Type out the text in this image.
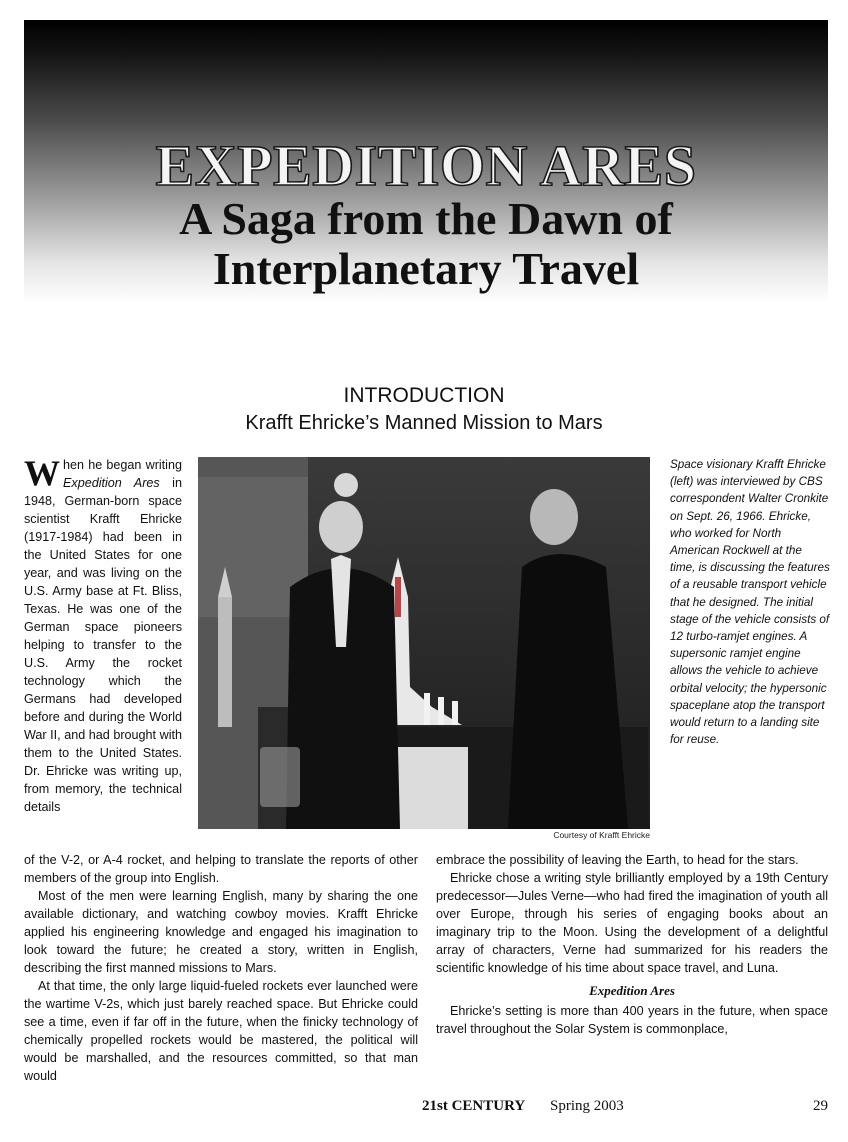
EXPEDITION ARES
A Saga from the Dawn of
Interplanetary Travel
INTRODUCTION
Krafft Ehricke’s Manned Mission to Mars
When he began writing Expedition Ares in 1948, German-born space scientist Krafft Ehricke (1917-1984) had been in the United States for one year, and was living on the U.S. Army base at Ft. Bliss, Texas. He was one of the German space pioneers helping to transfer to the U.S. Army the rocket technology which the Germans had developed before and during the World War II, and had brought with them to the United States. Dr. Ehricke was writing up, from memory, the technical details
Courtesy of Krafft Ehricke
Space visionary Krafft Ehricke (left) was interviewed by CBS correspondent Walter Cronkite on Sept. 26, 1966. Ehricke, who worked for North American Rockwell at the time, is discussing the features of a reusable transport vehicle that he designed. The initial stage of the vehicle consists of 12 turbo-ramjet engines. A supersonic ramjet engine allows the vehicle to achieve orbital velocity; the hypersonic spaceplane atop the transport would return to a landing site for reuse.

of the V-2, or A-4 rocket, and helping to translate the reports of other members of the group into English.

Most of the men were learning English, many by sharing the one available dictionary, and watching cowboy movies. Krafft Ehricke applied his engineering knowledge and engaged his imagination to look toward the future; he created a story, written in English, describing the first manned missions to Mars.

At that time, the only large liquid-fueled rockets ever launched were the wartime V-2s, which just barely reached space. But Ehricke could see a time, even if far off in the future, when the finicky technology of chemically propelled rockets would be mastered, the political will would be marshalled, and the resources committed, so that man would

embrace the possibility of leaving the Earth, to head for the stars.

Ehricke chose a writing style brilliantly employed by a 19th Century predecessor—Jules Verne—who had fired the imagination of youth all over Europe, through his series of engaging books about an imaginary trip to the Moon. Using the development of a delightful array of characters, Verne had summarized for his readers the scientific knowledge of his time about space travel, and Luna.

Expedition Ares

Ehricke’s setting is more than 400 years in the future, when space travel throughout the Solar System is commonplace,

21st CENTURY Spring 2003	29
